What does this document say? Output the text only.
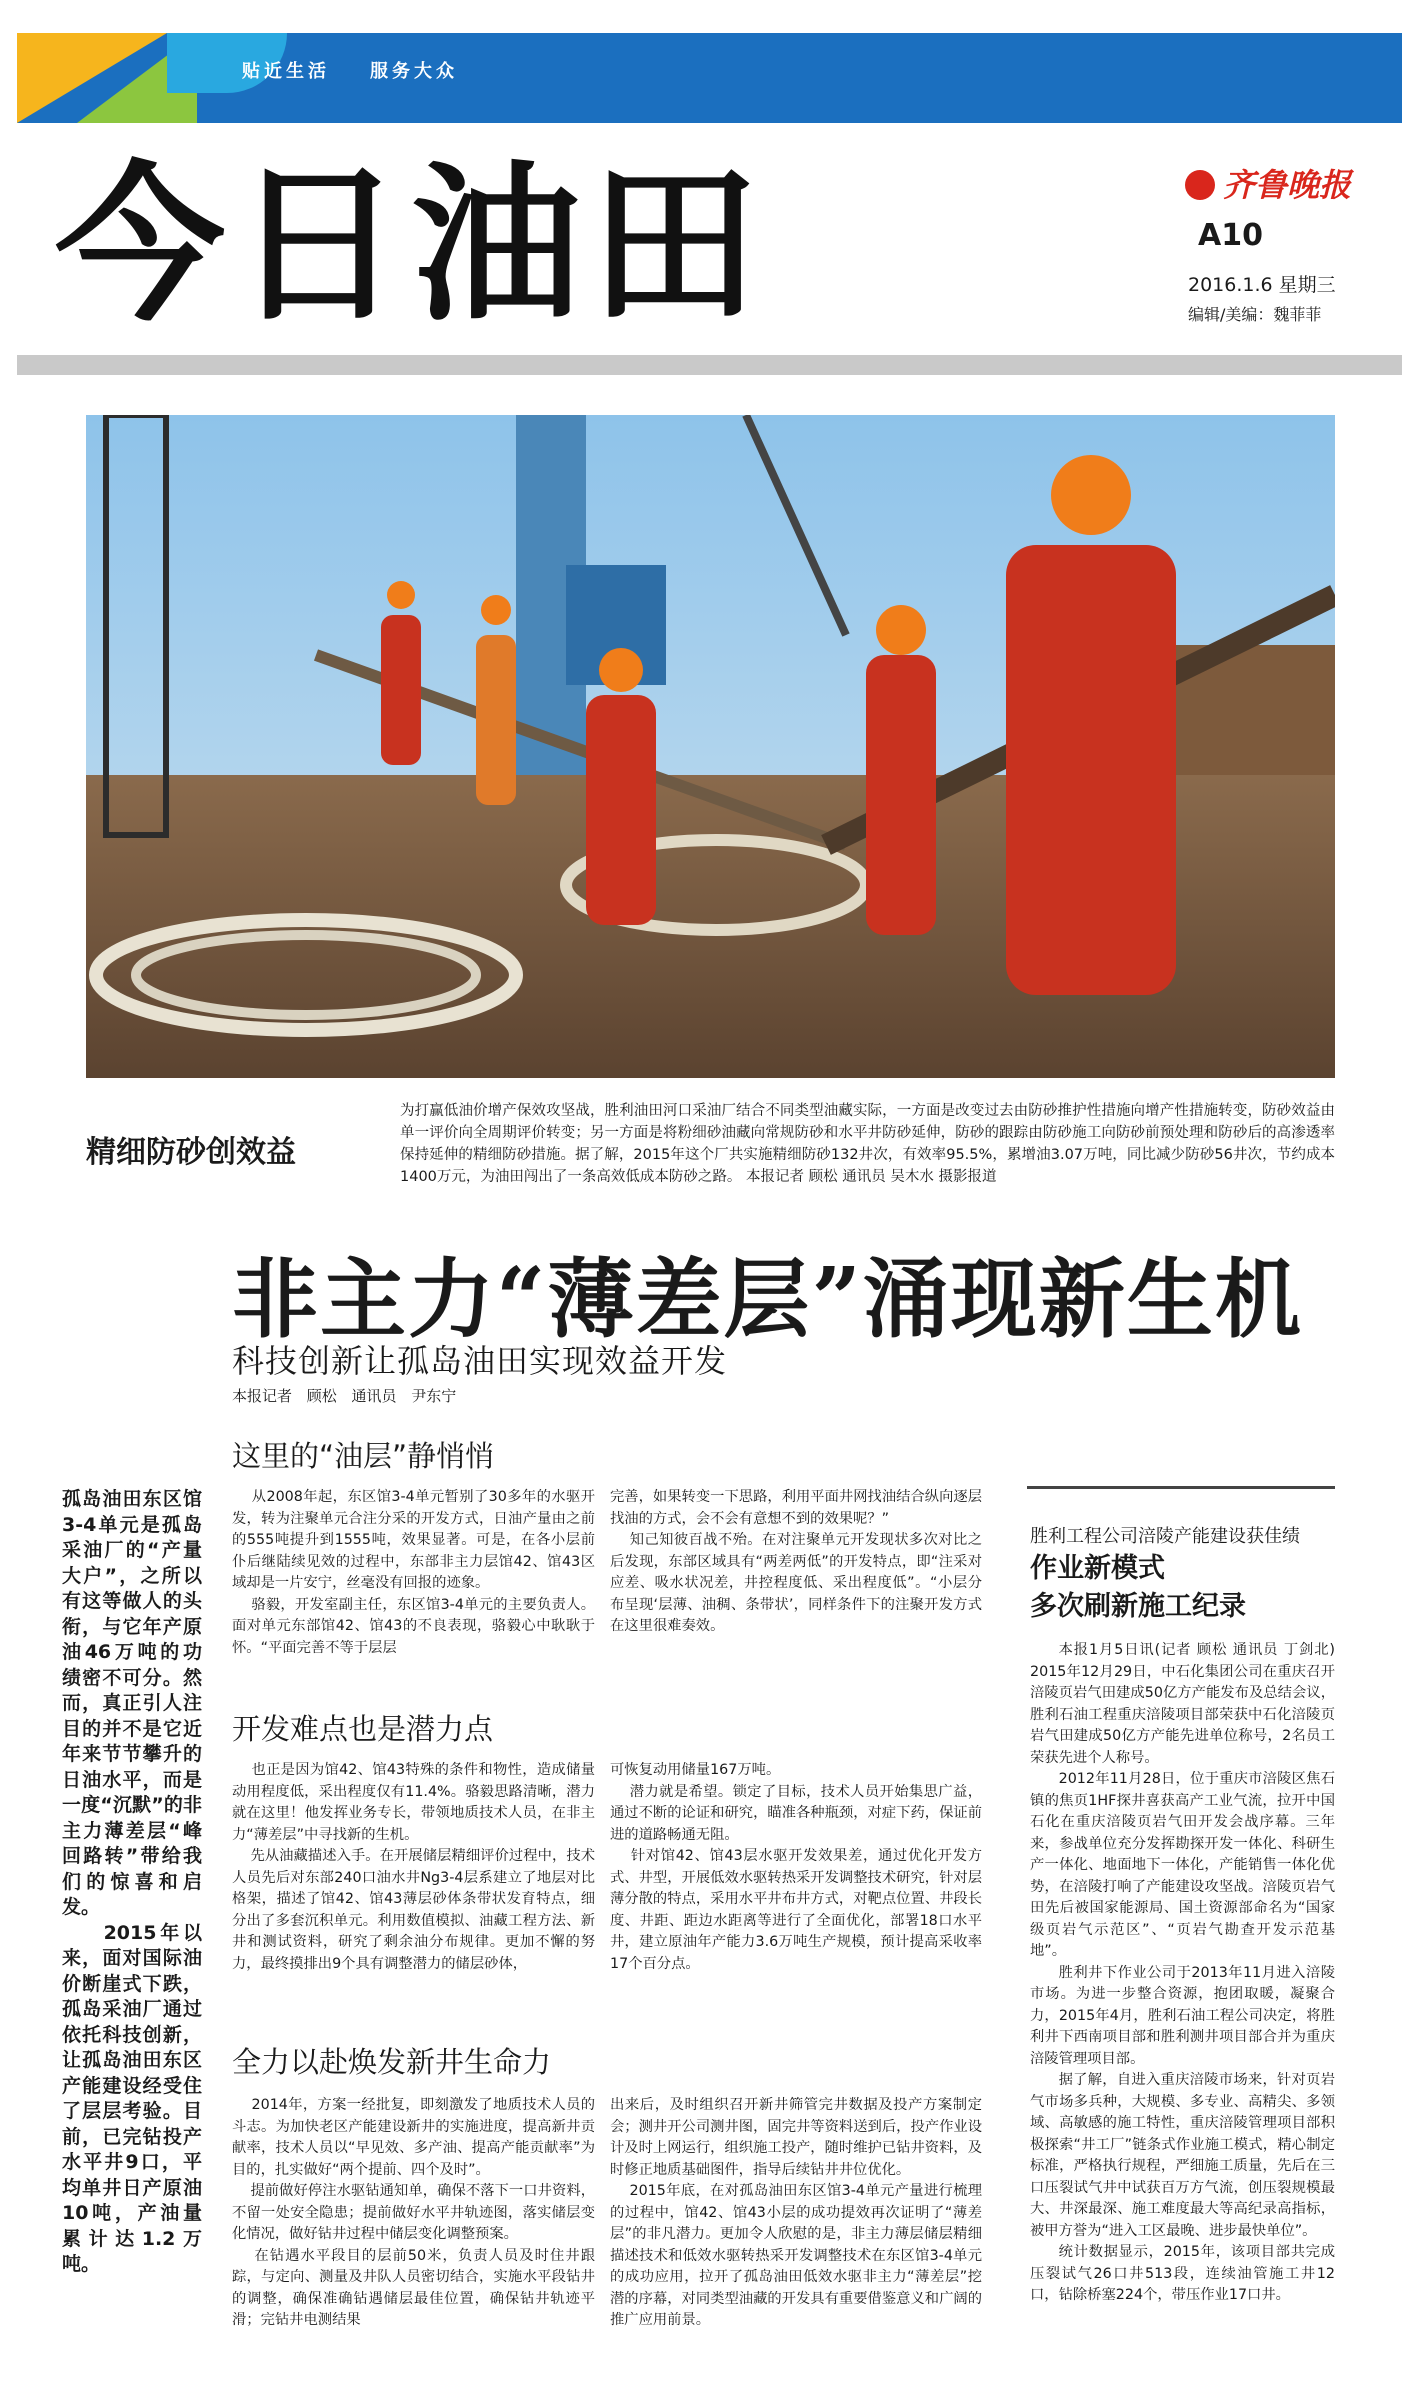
贴近生活 服务大众
今日油田	齐鲁晚报
A10
2016.1.6 星期三
编辑/美编：魏菲菲
精细防砂创效益
为打赢低油价增产保效攻坚战，胜利油田河口采油厂结合不同类型油藏实际，一方面是改变过去由防砂推护性措施向增产性措施转变，防砂效益由单一评价向全周期评价转变；另一方面是将粉细砂油藏向常规防砂和水平井防砂延伸，防砂的跟踪由防砂施工向防砂前预处理和防砂后的高渗透率保持延伸的精细防砂措施。据了解，2015年这个厂共实施精细防砂132井次，有效率95.5%，累增油3.07万吨，同比减少防砂56井次，节约成本1400万元，为油田闯出了一条高效低成本防砂之路。 本报记者 顾松 通讯员 吴木水 摄影报道
非主力“薄差层”涌现新生机
科技创新让孤岛油田实现效益开发
本报记者 顾松 通讯员 尹东宁
孤岛油田东区馆3-4单元是孤岛采油厂的“产量大户”，之所以有这等做人的头衔，与它年产原油46万吨的功绩密不可分。然而，真正引人注目的并不是它近年来节节攀升的日油水平，而是一度“沉默”的非主力薄差层“峰回路转”带给我们的惊喜和启发。
2015年以来，面对国际油价断崖式下跌，孤岛采油厂通过依托科技创新，让孤岛油田东区产能建设经受住了层层考验。目前，已完钻投产水平井9口，平均单井日产原油10吨，产油量累计达1.2万吨。
这里的“油层”静悄悄
从2008年起，东区馆3-4单元暂别了30多年的水驱开发，转为注聚单元合注分采的开发方式，日油产量由之前的555吨提升到1555吨，效果显著。可是，在各小层前仆后继陆续见效的过程中，东部非主力层馆42、馆43区域却是一片安宁，丝毫没有回报的迹象。
骆毅，开发室副主任，东区馆3-4单元的主要负责人。面对单元东部馆42、馆43的不良表现，骆毅心中耿耿于怀。“平面完善不等于层层
完善，如果转变一下思路，利用平面井网找油结合纵向逐层找油的方式，会不会有意想不到的效果呢？”
知己知彼百战不殆。在对注聚单元开发现状多次对比之后发现，东部区域具有“两差两低”的开发特点，即“注采对应差、吸水状况差，井控程度低、采出程度低”。“小层分布呈现‘层薄、油稠、条带状’，同样条件下的注聚开发方式在这里很难奏效。
开发难点也是潜力点
也正是因为馆42、馆43特殊的条件和物性，造成储量动用程度低，采出程度仅有11.4%。骆毅思路清晰，潜力就在这里！他发挥业务专长，带领地质技术人员，在非主力“薄差层”中寻找新的生机。
先从油藏描述入手。在开展储层精细评价过程中，技术人员先后对东部240口油水井Ng3-4层系建立了地层对比格架，描述了馆42、馆43薄层砂体条带状发育特点，细分出了多套沉积单元。利用数值模拟、油藏工程方法、新井和测试资料，研究了剩余油分布规律。更加不懈的努力，最终摸排出9个具有调整潜力的储层砂体，
可恢复动用储量167万吨。
潜力就是希望。锁定了目标，技术人员开始集思广益，通过不断的论证和研究，瞄准各种瓶颈，对症下药，保证前进的道路畅通无阻。
针对馆42、馆43层水驱开发效果差，通过优化开发方式、井型，开展低效水驱转热采开发调整技术研究，针对层薄分散的特点，采用水平井布井方式，对靶点位置、井段长度、井距、距边水距离等进行了全面优化，部署18口水平井，建立原油年产能力3.6万吨生产规模，预计提高采收率17个百分点。
全力以赴焕发新井生命力
2014年，方案一经批复，即刻激发了地质技术人员的斗志。为加快老区产能建设新井的实施进度，提高新井贡献率，技术人员以“早见效、多产油、提高产能贡献率”为目的，扎实做好“两个提前、四个及时”。
提前做好停注水驱钻通知单，确保不落下一口井资料，不留一处安全隐患；提前做好水平井轨迹图，落实储层变化情况，做好钻井过程中储层变化调整预案。
在钻遇水平段目的层前50米，负责人员及时住井跟踪，与定向、测量及井队人员密切结合，实施水平段钻井的调整，确保准确钻遇储层最佳位置，确保钻井轨迹平滑；完钻井电测结果
出来后，及时组织召开新井筛管完井数据及投产方案制定会；测井开公司测井图，固完井等资料送到后，投产作业设计及时上网运行，组织施工投产，随时维护已钻井资料，及时修正地质基础图件，指导后续钻井井位优化。
2015年底，在对孤岛油田东区馆3-4单元产量进行梳理的过程中，馆42、馆43小层的成功提效再次证明了“薄差层”的非凡潜力。更加令人欣慰的是，非主力薄层储层精细描述技术和低效水驱转热采开发调整技术在东区馆3-4单元的成功应用，拉开了孤岛油田低效水驱非主力“薄差层”挖潜的序幕，对同类型油藏的开发具有重要借鉴意义和广阔的推广应用前景。
胜利工程公司涪陵产能建设获佳绩
作业新模式
多次刷新施工纪录

本报1月5日讯(记者 顾松 通讯员 丁剑北) 2015年12月29日，中石化集团公司在重庆召开涪陵页岩气田建成50亿方产能发布及总结会议，胜利石油工程重庆涪陵项目部荣获中石化涪陵页岩气田建成50亿方产能先进单位称号，2名员工荣获先进个人称号。

2012年11月28日，位于重庆市涪陵区焦石镇的焦页1HF探井喜获高产工业气流，拉开中国石化在重庆涪陵页岩气田开发会战序幕。三年来，参战单位充分发挥勘探开发一体化、科研生产一体化、地面地下一体化，产能销售一体化优势，在涪陵打响了产能建设攻坚战。涪陵页岩气田先后被国家能源局、国土资源部命名为“国家级页岩气示范区”、“页岩气勘查开发示范基地”。

胜利井下作业公司于2013年11月进入涪陵市场。为进一步整合资源，抱团取暖，凝聚合力，2015年4月，胜利石油工程公司决定，将胜利井下西南项目部和胜利测井项目部合并为重庆涪陵管理项目部。

据了解，自进入重庆涪陵市场来，针对页岩气市场多兵种，大规模、多专业、高精尖、多领域、高敏感的施工特性，重庆涪陵管理项目部积极探索“井工厂”链条式作业施工模式，精心制定标准，严格执行规程，严细施工质量，先后在三口压裂试气井中试获百万方气流，创压裂规模最大、井深最深、施工难度最大等高纪录高指标，被甲方誉为“进入工区最晚、进步最快单位”。

统计数据显示，2015年，该项目部共完成压裂试气26口井513段，连续油管施工井12口，钻除桥塞224个，带压作业17口井。
